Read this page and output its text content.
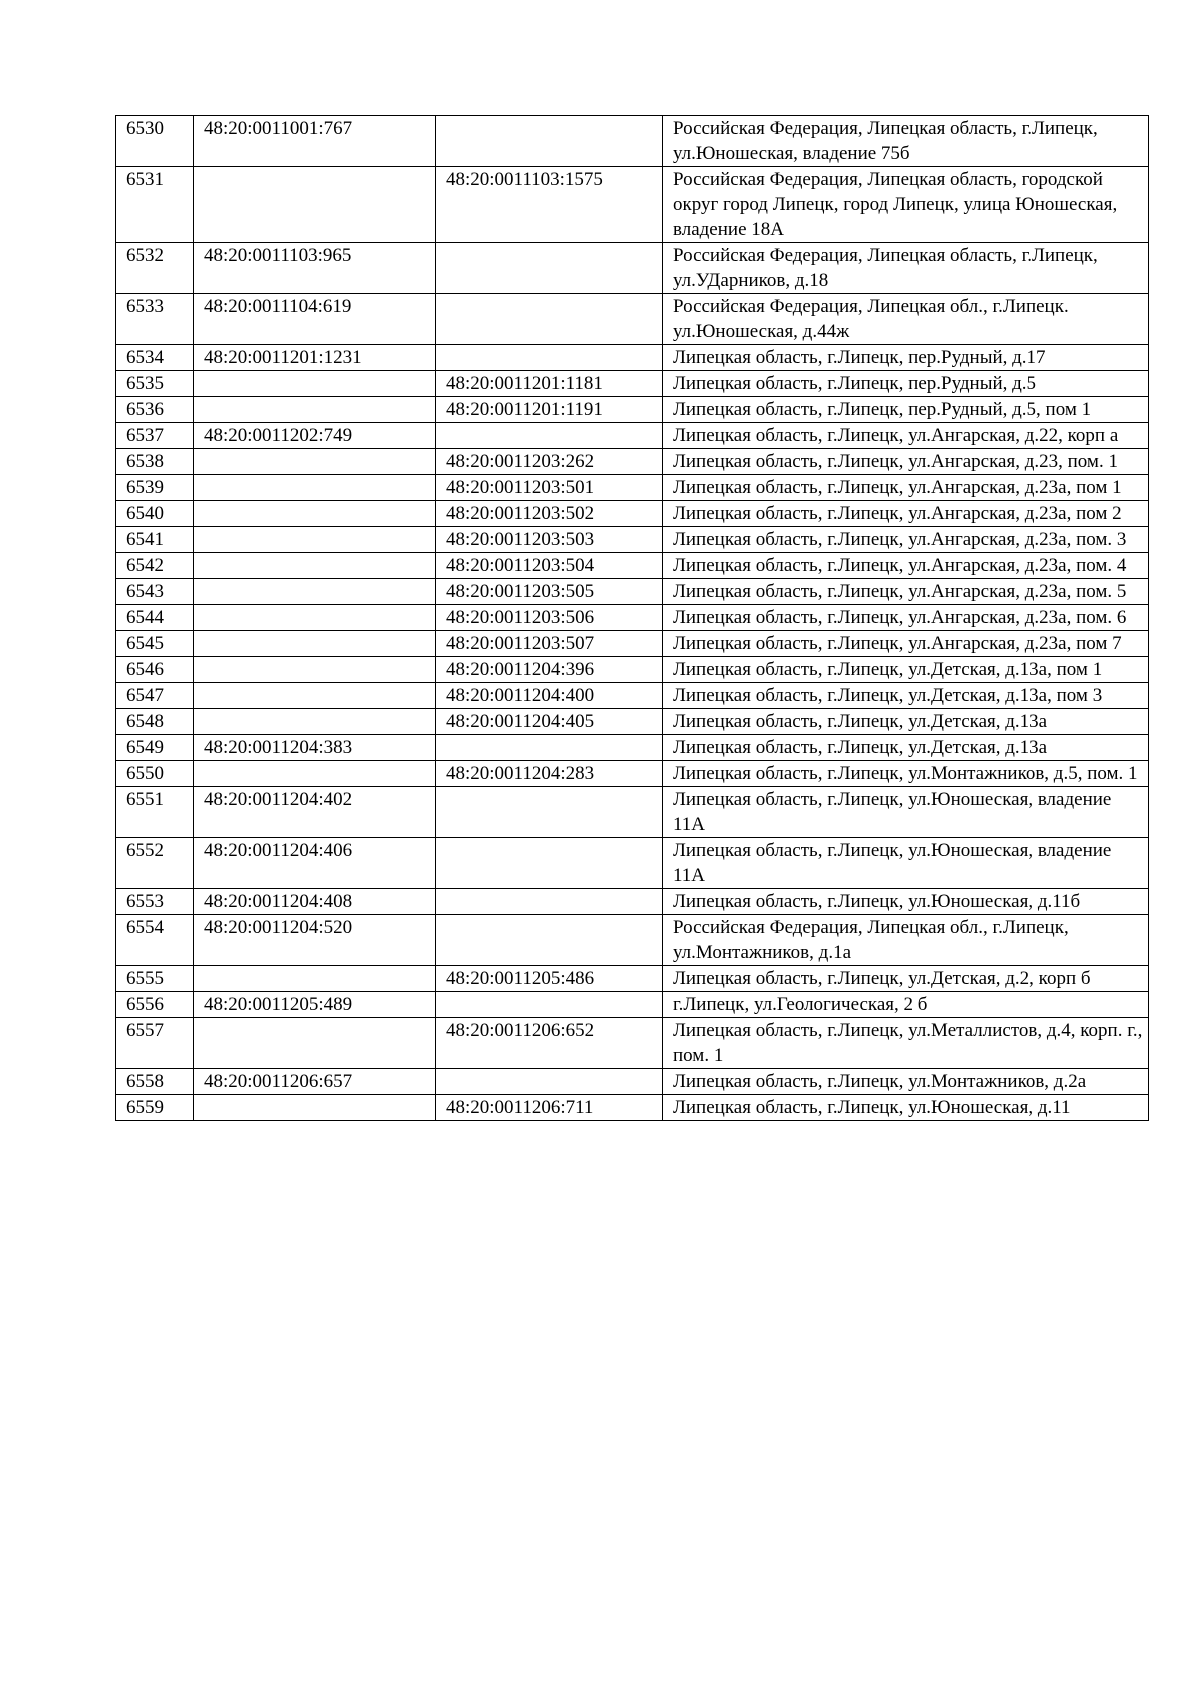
6530	48:20:0011001:767		Российская Федерация, Липецкая область, г.Липецк, ул.Юношеская, владение 75б
6531		48:20:0011103:1575	Российская Федерация, Липецкая область, городской округ город Липецк, город Липецк, улица Юношеская, владение 18А
6532	48:20:0011103:965		Российская Федерация, Липецкая область, г.Липецк, ул.УДарников, д.18
6533	48:20:0011104:619		Российская Федерация, Липецкая обл., г.Липецк. ул.Юношеская, д.44ж
6534	48:20:0011201:1231		Липецкая область, г.Липецк, пер.Рудный, д.17
6535		48:20:0011201:1181	Липецкая область, г.Липецк, пер.Рудный, д.5
6536		48:20:0011201:1191	Липецкая область, г.Липецк, пер.Рудный, д.5, пом 1
6537	48:20:0011202:749		Липецкая область, г.Липецк, ул.Ангарская, д.22, корп а
6538		48:20:0011203:262	Липецкая область, г.Липецк, ул.Ангарская, д.23, пом. 1
6539		48:20:0011203:501	Липецкая область, г.Липецк, ул.Ангарская, д.23а, пом 1
6540		48:20:0011203:502	Липецкая область, г.Липецк, ул.Ангарская, д.23а, пом 2
6541		48:20:0011203:503	Липецкая область, г.Липецк, ул.Ангарская, д.23а, пом. 3
6542		48:20:0011203:504	Липецкая область, г.Липецк, ул.Ангарская, д.23а, пом. 4
6543		48:20:0011203:505	Липецкая область, г.Липецк, ул.Ангарская, д.23а, пом. 5
6544		48:20:0011203:506	Липецкая область, г.Липецк, ул.Ангарская, д.23а, пом. 6
6545		48:20:0011203:507	Липецкая область, г.Липецк, ул.Ангарская, д.23а, пом 7
6546		48:20:0011204:396	Липецкая область, г.Липецк, ул.Детская, д.13а, пом 1
6547		48:20:0011204:400	Липецкая область, г.Липецк, ул.Детская, д.13а, пом 3
6548		48:20:0011204:405	Липецкая область, г.Липецк, ул.Детская, д.13а
6549	48:20:0011204:383		Липецкая область, г.Липецк, ул.Детская, д.13а
6550		48:20:0011204:283	Липецкая область, г.Липецк, ул.Монтажников, д.5, пом. 1
6551	48:20:0011204:402		Липецкая область, г.Липецк, ул.Юношеская, владение 11А
6552	48:20:0011204:406		Липецкая область, г.Липецк, ул.Юношеская, владение 11А
6553	48:20:0011204:408		Липецкая область, г.Липецк, ул.Юношеская, д.11б
6554	48:20:0011204:520		Российская Федерация, Липецкая обл., г.Липецк, ул.Монтажников, д.1а
6555		48:20:0011205:486	Липецкая область, г.Липецк, ул.Детская, д.2, корп б
6556	48:20:0011205:489		г.Липецк, ул.Геологическая, 2 б
6557		48:20:0011206:652	Липецкая область, г.Липецк, ул.Металлистов, д.4, корп. г., пом. 1
6558	48:20:0011206:657		Липецкая область, г.Липецк, ул.Монтажников, д.2а
6559		48:20:0011206:711	Липецкая область, г.Липецк, ул.Юношеская, д.11
